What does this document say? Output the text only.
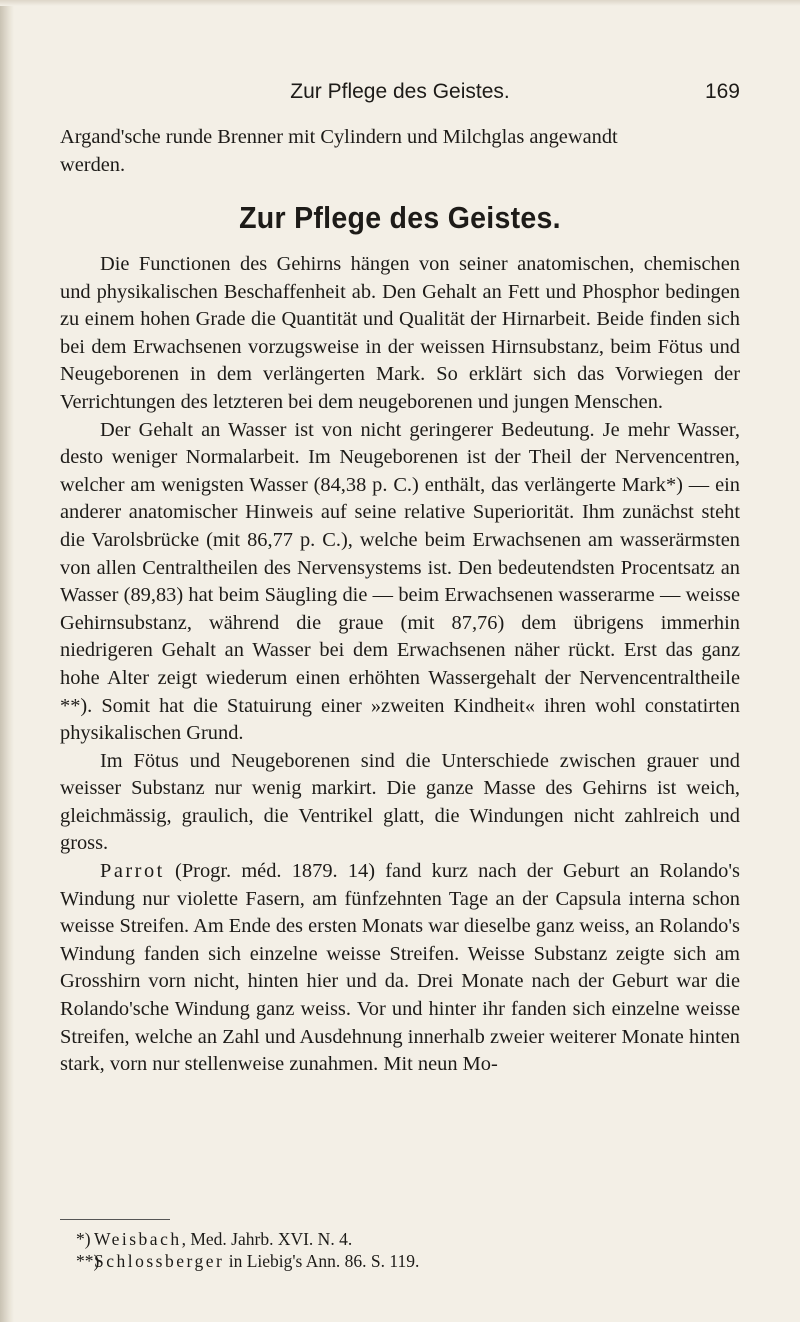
Zur Pflege des Geistes.	169

Argand'sche runde Brenner mit Cylindern und Milchglas angewandt

werden.

Zur Pflege des Geistes.

Die Functionen des Gehirns hängen von seiner anatomischen, chemischen und physikalischen Beschaffenheit ab. Den Gehalt an Fett und Phosphor bedingen zu einem hohen Grade die Quantität und Qualität der Hirnarbeit. Beide finden sich bei dem Erwachsenen vorzugsweise in der weissen Hirnsubstanz, beim Fötus und Neugeborenen in dem verlängerten Mark. So erklärt sich das Vorwiegen der Verrichtungen des letzteren bei dem neugeborenen und jungen Menschen.

Der Gehalt an Wasser ist von nicht geringerer Bedeutung. Je mehr Wasser, desto weniger Normalarbeit. Im Neugeborenen ist der Theil der Nervencentren, welcher am wenigsten Wasser (84,38 p. C.) enthält, das verlängerte Mark*) — ein anderer anatomischer Hinweis auf seine relative Superiorität. Ihm zunächst steht die Varolsbrücke (mit 86,77 p. C.), welche beim Erwachsenen am wasserärmsten von allen Centraltheilen des Nervensystems ist. Den bedeutendsten Procentsatz an Wasser (89,83) hat beim Säugling die — beim Erwachsenen wasserarme — weisse Gehirnsubstanz, während die graue (mit 87,76) dem übrigens immerhin niedrigeren Gehalt an Wasser bei dem Erwachsenen näher rückt. Erst das ganz hohe Alter zeigt wiederum einen erhöhten Wassergehalt der Nervencentraltheile **). Somit hat die Statuirung einer »zweiten Kindheit« ihren wohl constatirten physikalischen Grund.

Im Fötus und Neugeborenen sind die Unterschiede zwischen grauer und weisser Substanz nur wenig markirt. Die ganze Masse des Gehirns ist weich, gleichmässig, graulich, die Ventrikel glatt, die Windungen nicht zahlreich und gross.

Parrot (Progr. méd. 1879. 14) fand kurz nach der Geburt an Rolando's Windung nur violette Fasern, am fünfzehnten Tage an der Capsula interna schon weisse Streifen. Am Ende des ersten Monats war dieselbe ganz weiss, an Rolando's Windung fanden sich einzelne weisse Streifen. Weisse Substanz zeigte sich am Grosshirn vorn nicht, hinten hier und da. Drei Monate nach der Geburt war die Rolando'sche Windung ganz weiss. Vor und hinter ihr fanden sich einzelne weisse Streifen, welche an Zahl und Ausdehnung innerhalb zweier weiterer Monate hinten stark, vorn nur stellenweise zunahmen. Mit neun Mo-

*) Weisbach, Med. Jahrb. XVI. N. 4.

**)Schlossberger in Liebig's Ann. 86. S. 119.
